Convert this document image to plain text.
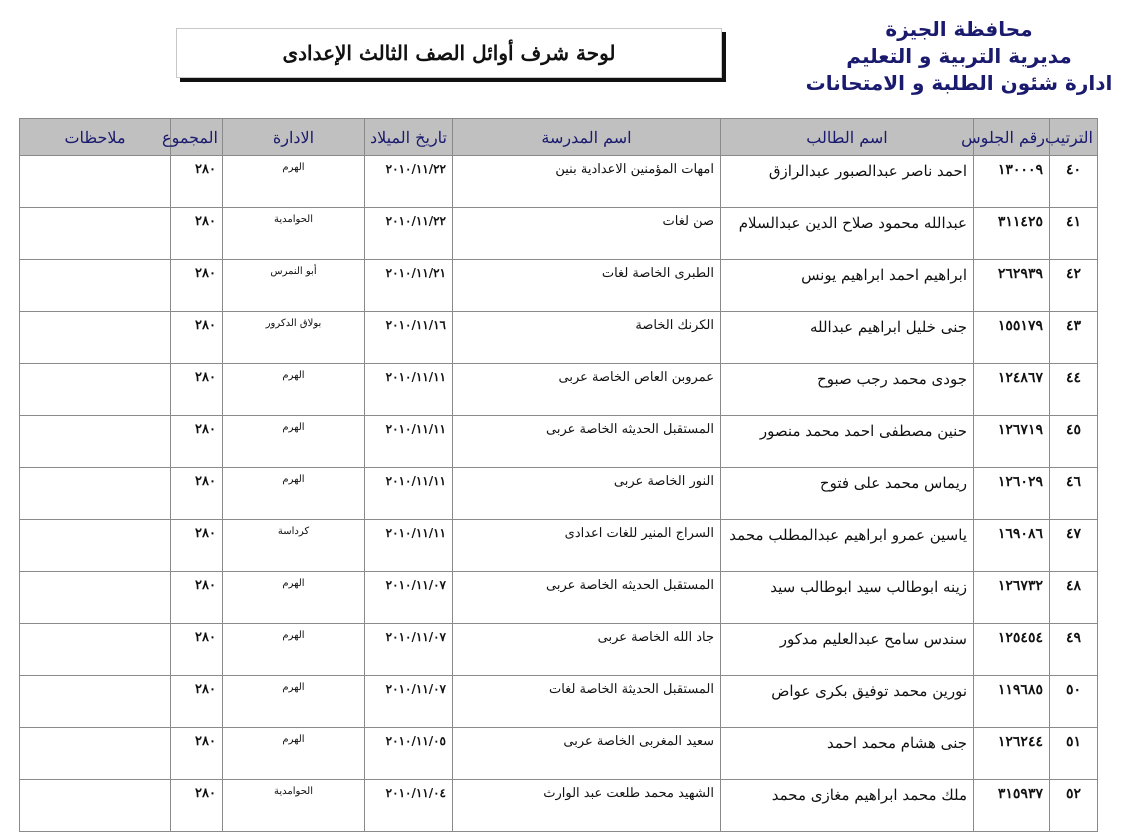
محافظة الجيزة
مديرية التربية و التعليم
ادارة شئون الطلبة و الامتحانات
لوحة شرف أوائل الصف الثالث الإعدادى
الترتيب	رقم الجلوس	اسم الطالب	اسم المدرسة	تاريخ الميلاد	الادارة	المجموع	ملاحظات
٤٠	١٣٠٠٠٩	احمد ناصر عبدالصبور عبدالرازق	امهات المؤمنين الاعدادية بنين	٢٠١٠/١١/٢٢	الهرم	٢٨٠	
٤١	٣١١٤٢٥	عبدالله محمود صلاح الدين عبدالسلام	صن لغات	٢٠١٠/١١/٢٢	الحوامدية	٢٨٠	
٤٢	٢٦٢٩٣٩	ابراهيم احمد ابراهيم يونس	الطبرى الخاصة لغات	٢٠١٠/١١/٢١	أبو النمرس	٢٨٠	
٤٣	١٥٥١٧٩	جنى خليل ابراهيم عبدالله	الكرنك الخاصة	٢٠١٠/١١/١٦	بولاق الدكرور	٢٨٠	
٤٤	١٢٤٨٦٧	جودى محمد رجب صبوح	عمروبن العاص الخاصة عربى	٢٠١٠/١١/١١	الهرم	٢٨٠	
٤٥	١٢٦٧١٩	حنين مصطفى احمد محمد منصور	المستقبل الحديثه الخاصة عربى	٢٠١٠/١١/١١	الهرم	٢٨٠	
٤٦	١٢٦٠٢٩	ريماس محمد على فتوح	النور الخاصة عربى	٢٠١٠/١١/١١	الهرم	٢٨٠	
٤٧	١٦٩٠٨٦	ياسين عمرو ابراهيم عبدالمطلب محمد	السراج المنير للغات اعدادى	٢٠١٠/١١/١١	كرداسة	٢٨٠	
٤٨	١٢٦٧٣٢	زينه ابوطالب سيد ابوطالب سيد	المستقبل الحديثه الخاصة عربى	٢٠١٠/١١/٠٧	الهرم	٢٨٠	
٤٩	١٢٥٤٥٤	سندس سامح عبدالعليم مدكور	جاد الله الخاصة عربى	٢٠١٠/١١/٠٧	الهرم	٢٨٠	
٥٠	١١٩٦٨٥	نورين محمد توفيق بكرى عواض	المستقبل الحديثة الخاصة لغات	٢٠١٠/١١/٠٧	الهرم	٢٨٠	
٥١	١٢٦٢٤٤	جنى هشام محمد احمد	سعيد المغربى الخاصة عربى	٢٠١٠/١١/٠٥	الهرم	٢٨٠	
٥٢	٣١٥٩٣٧	ملك محمد ابراهيم مغازى محمد	الشهيد محمد طلعت عبد الوارث	٢٠١٠/١١/٠٤	الحوامدية	٢٨٠	
